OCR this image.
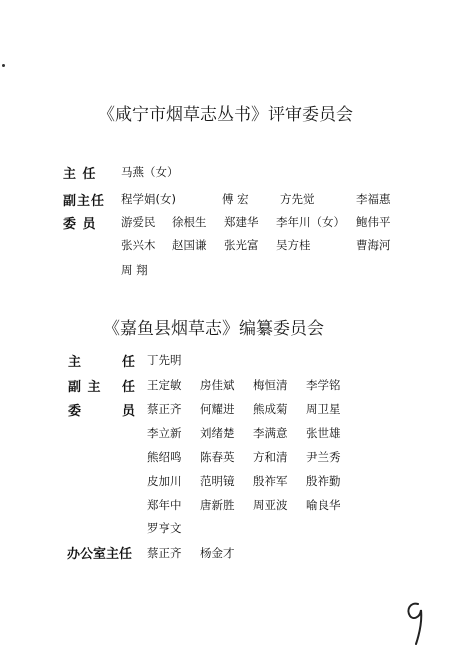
《咸宁市烟草志丛书》评审委员会
主 任 马燕（女）
副主任 程学娟(女)	傅 宏	方先觉	李福惠
委 员 游爱民 徐根生 郑建华 李年川（女） 鲍伟平
张兴木 赵国谦 张光富 吴方桂	曹海河
周 翔
《嘉鱼县烟草志》编纂委员会
主	任 丁先明
副 主 任 王定敏 房佳斌 梅恒清 李学铭
委	员 蔡正齐 何耀进 熊成菊 周卫星
李立新 刘绪楚 李满意 张世雄
熊绍鸣 陈春英 方和清 尹兰秀
皮加川 范明镜 殷祚军 殷祚勤
郑年中 唐新胜 周亚波 喻良华
罗亨文
办公室主任 蔡正齐 杨金才
